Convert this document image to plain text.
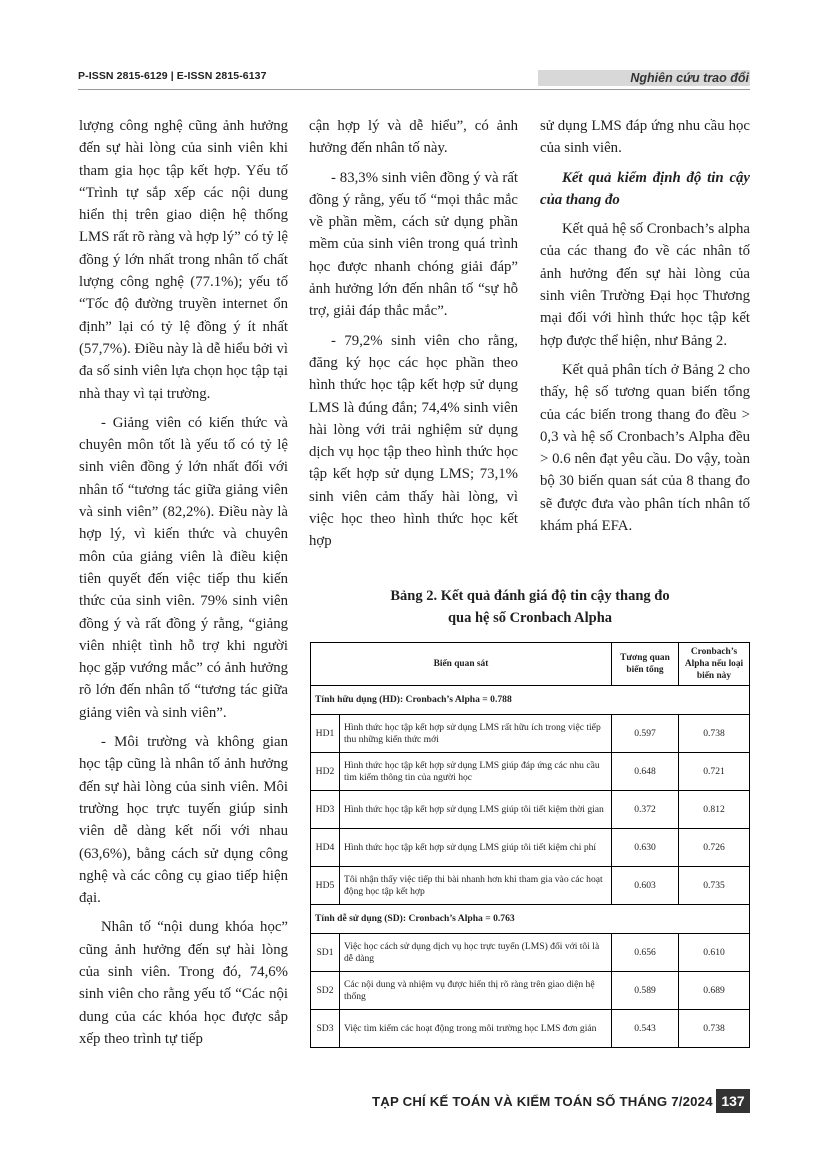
P-ISSN 2815-6129 | E-ISSN 2815-6137	Nghiên cứu trao đổi

lượng công nghệ cũng ảnh hưởng đến sự hài lòng của sinh viên khi tham gia học tập kết hợp. Yếu tố “Trình tự sắp xếp các nội dung hiển thị trên giao diện hệ thống LMS rất rõ ràng và hợp lý” có tỷ lệ đồng ý lớn nhất trong nhân tố chất lượng công nghệ (77.1%); yếu tố “Tốc độ đường truyền internet ổn định” lại có tỷ lệ đồng ý ít nhất (57,7%). Điều này là dễ hiểu bởi vì đa số sinh viên lựa chọn học tập tại nhà thay vì tại trường.

- Giảng viên có kiến thức và chuyên môn tốt là yếu tố có tỷ lệ sinh viên đồng ý lớn nhất đối với nhân tố “tương tác giữa giảng viên và sinh viên” (82,2%). Điều này là hợp lý, vì kiến thức và chuyên môn của giảng viên là điều kiện tiên quyết đến việc tiếp thu kiến thức của sinh viên. 79% sinh viên đồng ý và rất đồng ý rằng, “giảng viên nhiệt tình hỗ trợ khi người học gặp vướng mắc” có ảnh hưởng rõ lớn đến nhân tố “tương tác giữa giảng viên và sinh viên”.

- Môi trường và không gian học tập cũng là nhân tố ảnh hưởng đến sự hài lòng của sinh viên. Môi trường học trực tuyến giúp sinh viên dễ dàng kết nối với nhau (63,6%), bằng cách sử dụng công nghệ và các công cụ giao tiếp hiện đại.

Nhân tố “nội dung khóa học” cũng ảnh hưởng đến sự hài lòng của sinh viên. Trong đó, 74,6% sinh viên cho rằng yếu tố “Các nội dung của các khóa học được sắp xếp theo trình tự tiếp

cận hợp lý và dễ hiểu”, có ảnh hưởng đến nhân tố này.

- 83,3% sinh viên đồng ý và rất đồng ý rằng, yếu tố “mọi thắc mắc về phần mềm, cách sử dụng phần mềm của sinh viên trong quá trình học được nhanh chóng giải đáp” ảnh hưởng lớn đến nhân tố “sự hỗ trợ, giải đáp thắc mắc”.

- 79,2% sinh viên cho rằng, đăng ký học các học phần theo hình thức học tập kết hợp sử dụng LMS là đúng đắn; 74,4% sinh viên hài lòng với trải nghiệm sử dụng dịch vụ học tập theo hình thức học tập kết hợp sử dụng LMS; 73,1% sinh viên cảm thấy hài lòng, vì việc học theo hình thức học kết hợp

sử dụng LMS đáp ứng nhu cầu học của sinh viên.

Kết quả kiểm định độ tin cậy của thang đo

Kết quả hệ số Cronbach’s alpha của các thang đo về các nhân tố ảnh hưởng đến sự hài lòng của sinh viên Trường Đại học Thương mại đối với hình thức học tập kết hợp được thể hiện, như Bảng 2.

Kết quả phân tích ở Bảng 2 cho thấy, hệ số tương quan biến tổng của các biến trong thang đo đều > 0,3 và hệ số Cronbach’s Alpha đều > 0.6 nên đạt yêu cầu. Do vậy, toàn bộ 30 biến quan sát của 8 thang đo sẽ được đưa vào phân tích nhân tố khám phá EFA.

Bảng 2. Kết quả đánh giá độ tin cậy thang đo
qua hệ số Cronbach Alpha
Biến quan sát		Tương quan biến tổng	Cronbach’s Alpha nếu loại biến này
Tính hữu dụng (HD): Cronbach’s Alpha = 0.788			
HD1	Hình thức học tập kết hợp sử dụng LMS rất hữu ích trong việc tiếp thu những kiến thức mới	0.597	0.738
HD2	Hình thức học tập kết hợp sử dụng LMS giúp đáp ứng các nhu cầu tìm kiếm thông tin của người học	0.648	0.721
HD3	Hình thức học tập kết hợp sử dụng LMS giúp tôi tiết kiệm thời gian	0.372	0.812
HD4	Hình thức học tập kết hợp sử dụng LMS giúp tôi tiết kiệm chi phí	0.630	0.726
HD5	Tôi nhận thấy việc tiếp thi bài nhanh hơn khi tham gia vào các hoạt động học tập kết hợp	0.603	0.735
Tính dễ sử dụng (SD): Cronbach’s Alpha = 0.763			
SD1	Việc học cách sử dụng dịch vụ học trực tuyến (LMS) đối với tôi là dễ dàng	0.656	0.610
SD2	Các nội dung và nhiệm vụ được hiển thị rõ ràng trên giao diện hệ thống	0.589	0.689
SD3	Việc tìm kiếm các hoạt động trong môi trường học LMS đơn giản	0.543	0.738
TẠP CHÍ KẾ TOÁN VÀ KIỂM TOÁN SỐ THÁNG 7/2024 137
